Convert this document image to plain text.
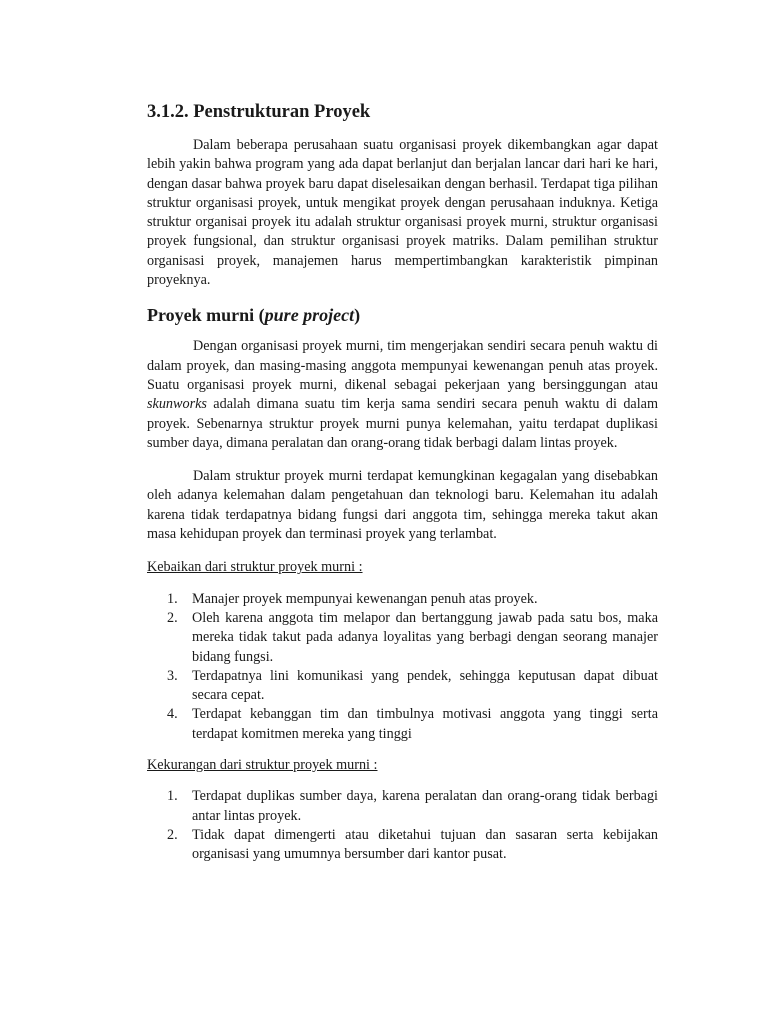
3.1.2. Penstrukturan Proyek

Dalam beberapa perusahaan suatu organisasi proyek dikembangkan agar dapat lebih yakin bahwa program yang ada dapat berlanjut dan berjalan lancar dari hari ke hari, dengan dasar bahwa proyek baru dapat diselesaikan dengan berhasil. Terdapat tiga pilihan struktur organisasi proyek, untuk mengikat proyek dengan perusahaan induknya. Ketiga struktur organisai proyek itu adalah struktur organisasi proyek murni, struktur organisasi proyek fungsional, dan struktur organisasi proyek matriks. Dalam pemilihan struktur organisasi proyek, manajemen harus mempertimbangkan karakteristik pimpinan proyeknya.

Proyek murni (pure project)

Dengan organisasi proyek murni, tim mengerjakan sendiri secara penuh waktu di dalam proyek, dan masing-masing anggota mempunyai kewenangan penuh atas proyek. Suatu organisasi proyek murni, dikenal sebagai pekerjaan yang bersinggungan atau skunworks adalah dimana suatu tim kerja sama sendiri secara penuh waktu di dalam proyek. Sebenarnya struktur proyek murni punya kelemahan, yaitu terdapat duplikasi sumber daya, dimana peralatan dan orang-orang tidak berbagi dalam lintas proyek.

Dalam struktur proyek murni terdapat kemungkinan kegagalan yang disebabkan oleh adanya kelemahan dalam pengetahuan dan teknologi baru. Kelemahan itu adalah karena tidak terdapatnya bidang fungsi dari anggota tim, sehingga mereka takut akan masa kehidupan proyek dan terminasi proyek yang terlambat.

Kebaikan dari struktur proyek murni :
1. Manajer proyek mempunyai kewenangan penuh atas proyek.
2. Oleh karena anggota tim melapor dan bertanggung jawab pada satu bos, maka mereka tidak takut pada adanya loyalitas yang berbagi dengan seorang manajer bidang fungsi.
3. Terdapatnya lini komunikasi yang pendek, sehingga keputusan dapat dibuat secara cepat.
4. Terdapat kebanggan tim dan timbulnya motivasi anggota yang tinggi serta terdapat komitmen mereka yang tinggi
Kekurangan dari struktur proyek murni :
1. Terdapat duplikas sumber daya, karena peralatan dan orang-orang tidak berbagi antar lintas proyek.
2. Tidak dapat dimengerti atau diketahui tujuan dan sasaran serta kebijakan organisasi yang umumnya bersumber dari kantor pusat.
